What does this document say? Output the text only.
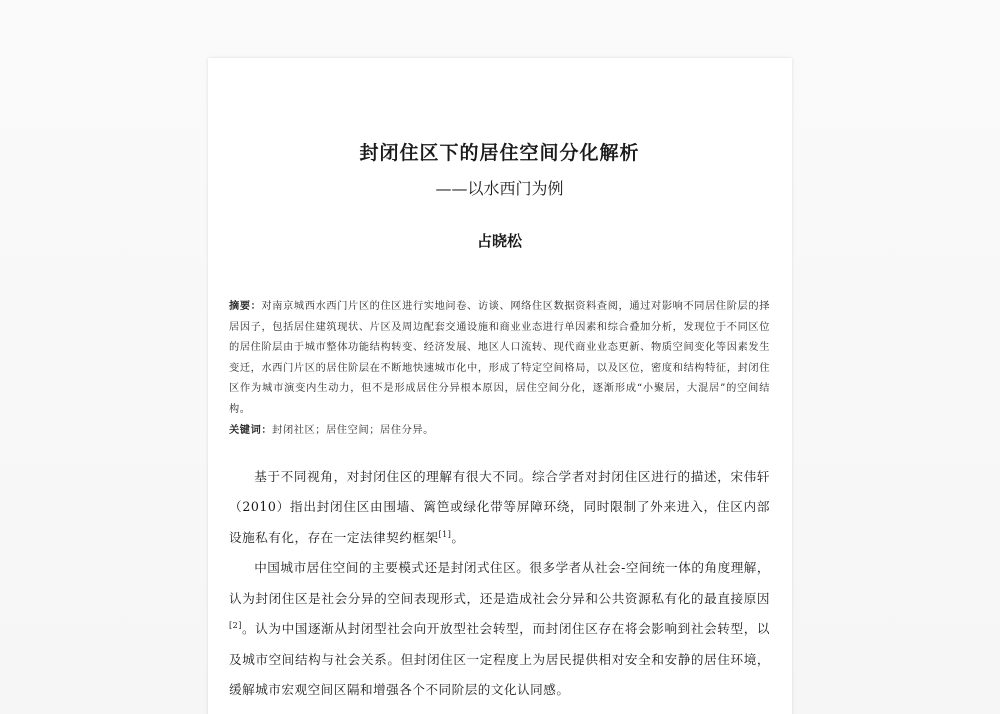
封闭住区下的居住空间分化解析
——以水西门为例
占晓松
摘要：对南京城西水西门片区的住区进行实地问卷、访谈、网络住区数据资料查阅，通过对影响不同居住阶层的择居因子，包括居住建筑现状、片区及周边配套交通设施和商业业态进行单因素和综合叠加分析，发现位于不同区位的居住阶层由于城市整体功能结构转变、经济发展、地区人口流转、现代商业业态更新、物质空间变化等因素发生变迁，水西门片区的居住阶层在不断地快速城市化中，形成了特定空间格局，以及区位，密度和结构特征，封闭住区作为城市演变内生动力，但不是形成居住分异根本原因，居住空间分化，逐渐形成“小聚居，大混居”的空间结构。
关键词：封闭社区；居住空间；居住分异。

基于不同视角，对封闭住区的理解有很大不同。综合学者对封闭住区进行的描述，宋伟轩（2010）指出封闭住区由围墙、篱笆或绿化带等屏障环绕，同时限制了外来进入，住区内部设施私有化，存在一定法律契约框架[1]。

中国城市居住空间的主要模式还是封闭式住区。很多学者从社会-空间统一体的角度理解，认为封闭住区是社会分异的空间表现形式，还是造成社会分异和公共资源私有化的最直接原因[2]。认为中国逐渐从封闭型社会向开放型社会转型，而封闭住区存在将会影响到社会转型，以及城市空间结构与社会关系。但封闭住区一定程度上为居民提供相对安全和安静的居住环境，缓解城市宏观空间区隔和增强各个不同阶层的文化认同感。
